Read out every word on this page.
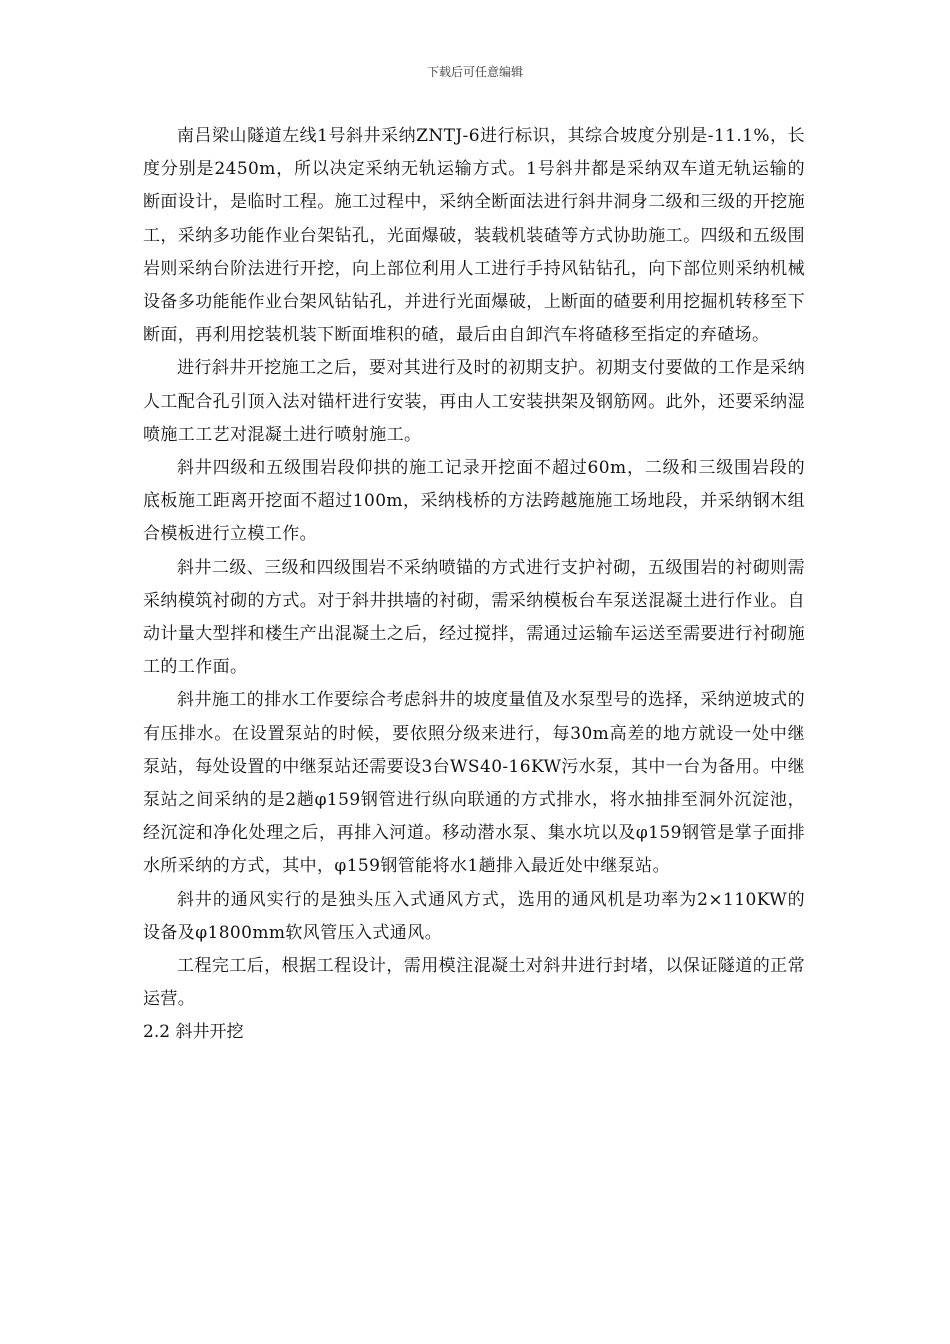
下载后可任意编辑

南吕梁山隧道左线1号斜井采纳ZNTJ-6进行标识，其综合坡度分别是-11.1%，长度分别是2450m，所以决定采纳无轨运输方式。1号斜井都是采纳双车道无轨运输的断面设计，是临时工程。施工过程中，采纳全断面法进行斜井洞身二级和三级的开挖施工，采纳多功能作业台架钻孔，光面爆破，装载机装碴等方式协助施工。四级和五级围岩则采纳台阶法进行开挖，向上部位利用人工进行手持风钻钻孔，向下部位则采纳机械设备多功能能作业台架风钻钻孔，并进行光面爆破，上断面的碴要利用挖掘机转移至下断面，再利用挖装机装下断面堆积的碴，最后由自卸汽车将碴移至指定的弃碴场。

进行斜井开挖施工之后，要对其进行及时的初期支护。初期支付要做的工作是采纳人工配合孔引顶入法对锚杆进行安装，再由人工安装拱架及钢筋网。此外，还要采纳湿喷施工工艺对混凝土进行喷射施工。

斜井四级和五级围岩段仰拱的施工记录开挖面不超过60m，二级和三级围岩段的底板施工距离开挖面不超过100m，采纳栈桥的方法跨越施施工场地段，并采纳钢木组合模板进行立模工作。

斜井二级、三级和四级围岩不采纳喷锚的方式进行支护衬砌，五级围岩的衬砌则需采纳模筑衬砌的方式。对于斜井拱墙的衬砌，需采纳模板台车泵送混凝土进行作业。自动计量大型拌和楼生产出混凝土之后，经过搅拌，需通过运输车运送至需要进行衬砌施工的工作面。

斜井施工的排水工作要综合考虑斜井的坡度量值及水泵型号的选择，采纳逆坡式的有压排水。在设置泵站的时候，要依照分级来进行，每30m高差的地方就设一处中继泵站，每处设置的中继泵站还需要设3台WS40-16KW污水泵，其中一台为备用。中继泵站之间采纳的是2趟φ159钢管进行纵向联通的方式排水，将水抽排至洞外沉淀池，经沉淀和净化处理之后，再排入河道。移动潜水泵、集水坑以及φ159钢管是掌子面排水所采纳的方式，其中，φ159钢管能将水1趟排入最近处中继泵站。

斜井的通风实行的是独头压入式通风方式，选用的通风机是功率为2×110KW的设备及φ1800mm软风管压入式通风。

工程完工后，根据工程设计，需用模注混凝土对斜井进行封堵，以保证隧道的正常运营。

2.2 斜井开挖
